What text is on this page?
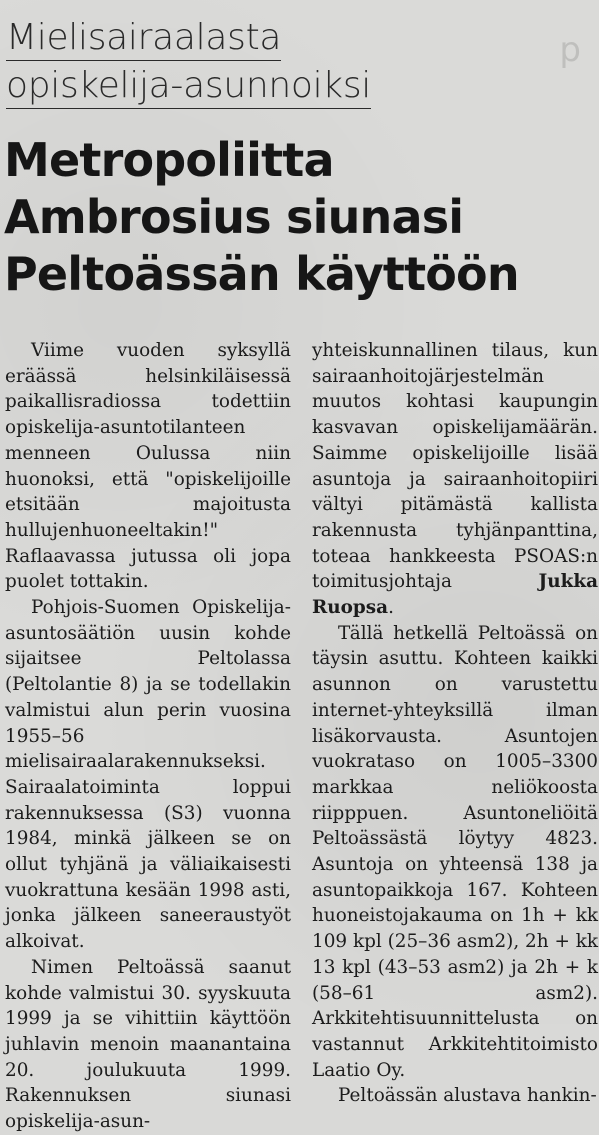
p
Mielisairaalasta
opiskelija-asunnoiksi
Metropoliitta
Ambrosius siunasi
Peltoässän käyttöön

Viime vuoden syksyllä eräässä helsinkiläisessä paikallisradiossa todettiin opiskelija-asuntotilanteen menneen Oulussa niin huonoksi, että "opiskelijoille etsitään majoitusta hullujenhuoneeltakin!" Raflaavassa jutussa oli jopa puolet tottakin.

Pohjois-Suomen Opiskelija-asuntosäätiön uusin kohde sijaitsee Peltolassa (Peltolantie 8) ja se todellakin valmistui alun perin vuosina 1955–56 mielisairaalarakennukseksi. Sairaalatoiminta loppui rakennuksessa (S3) vuonna 1984, minkä jälkeen se on ollut tyhjänä ja väliaikaisesti vuokrattuna kesään 1998 asti, jonka jälkeen saneeraustyöt alkoivat.

Nimen Peltoässä saanut kohde valmistui 30. syyskuuta 1999 ja se vihittiin käyttöön juhlavin menoin maanantaina 20. joulukuuta 1999. Rakennuksen siunasi opiskelija-asun-

yhteiskunnallinen tilaus, kun sairaanhoitojärjestelmän muutos kohtasi kaupungin kasvavan opiskelijamäärän. Saimme opiskelijoille lisää asuntoja ja sairaanhoitopiiri vältyi pitämästä kallista rakennusta tyhjänpanttina, toteaa hankkeesta PSOAS:n toimitusjohtaja Jukka Ruopsa.

Tällä hetkellä Peltoässä on täysin asuttu. Kohteen kaikki asunnon on varustettu internet-yhteyksillä ilman lisäkorvausta. Asuntojen vuokrataso on 1005–3300 markkaa neliökoosta riipppuen. Asuntoneliöitä Peltoässästä löytyy 4823. Asuntoja on yhteensä 138 ja asuntopaikkoja 167. Kohteen huoneistojakauma on 1h + kk 109 kpl (25–36 asm2), 2h + kk 13 kpl (43–53 asm2) ja 2h + k (58–61 asm2). Arkkitehtisuunnittelusta on vastannut Arkkitehtitoimisto Laatio Oy.

Peltoässän alustava hankin-
